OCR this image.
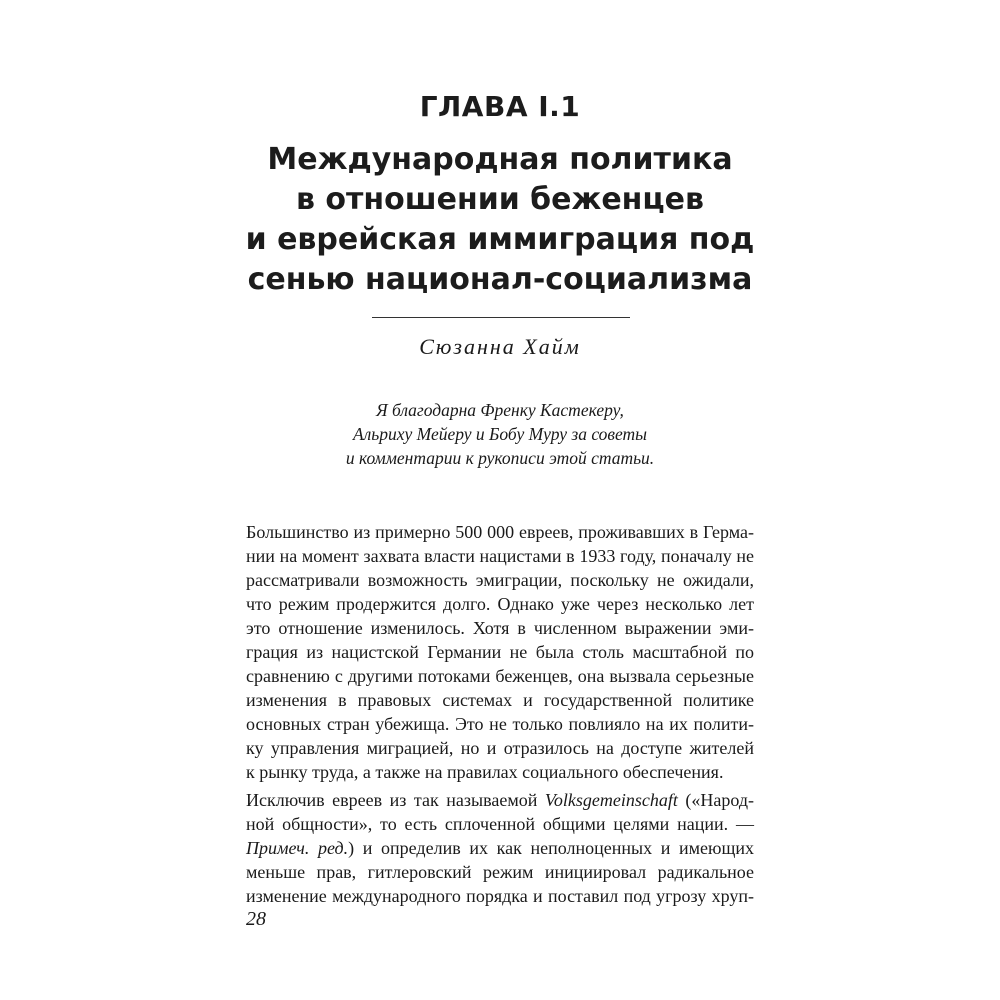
ГЛАВА I.1
Международная политика
в отношении беженцев
и еврейская иммиграция под
сенью национал-социализма
Сюзанна Хайм
Я благодарна Френку Кастекеру,
Альриху Мейеру и Бобу Муру за советы
и комментарии к рукописи этой статьи.
Большинство из примерно 500 000 евреев, проживавших в Герма-
нии на момент захвата власти нацистами в 1933 году, поначалу не
рассматривали возможность эмиграции, поскольку не ожидали,
что режим продержится долго. Однако уже через несколько лет
это отношение изменилось. Хотя в численном выражении эми-
грация из нацистской Германии не была столь масштабной по
сравнению с другими потоками беженцев, она вызвала серьезные
изменения в правовых системах и государственной политике
основных стран убежища. Это не только повлияло на их полити-
ку управления миграцией, но и отразилось на доступе жителей
к рынку труда, а также на правилах социального обеспечения.
Исключив евреев из так называемой Volksgemeinschaft («Народ-
ной общности», то есть сплоченной общими целями нации. —
Примеч. ред.) и определив их как неполноценных и имеющих
меньше прав, гитлеровский режим инициировал радикальное
изменение международного порядка и поставил под угрозу хруп-
28
